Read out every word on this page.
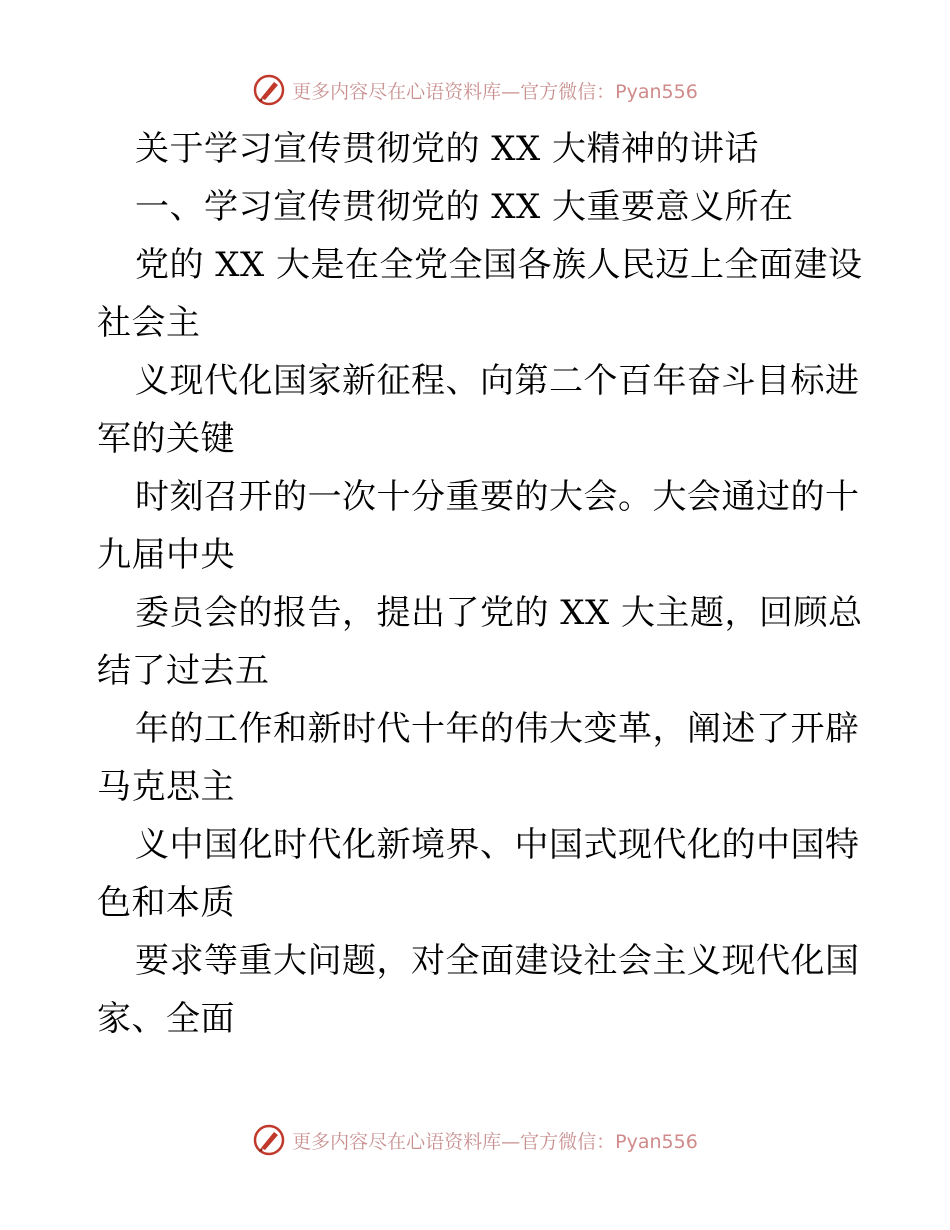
更多内容尽在心语资料库—官方微信：Pyan556
关于学习宣传贯彻党的 XX 大精神的讲话
一、学习宣传贯彻党的 XX 大重要意义所在
党的 XX 大是在全党全国各族人民迈上全面建设
社会主
义现代化国家新征程、向第二个百年奋斗目标进
军的关键
时刻召开的一次十分重要的大会。大会通过的十
九届中央
委员会的报告，提出了党的 XX 大主题，回顾总
结了过去五
年的工作和新时代十年的伟大变革，阐述了开辟
马克思主
义中国化时代化新境界、中国式现代化的中国特
色和本质
要求等重大问题，对全面建设社会主义现代化国
家、全面
更多内容尽在心语资料库—官方微信：Pyan556
